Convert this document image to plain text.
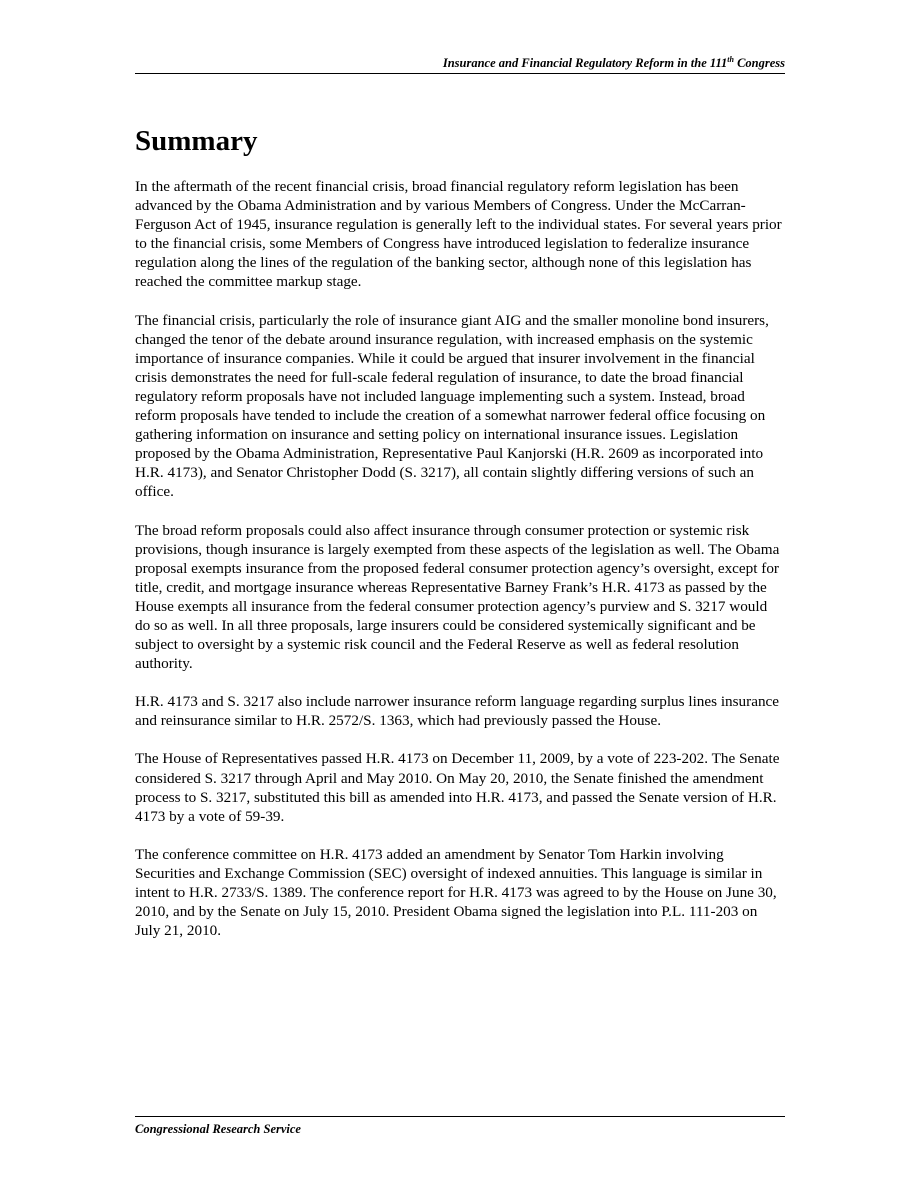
Insurance and Financial Regulatory Reform in the 111th Congress
Summary

In the aftermath of the recent financial crisis, broad financial regulatory reform legislation has been advanced by the Obama Administration and by various Members of Congress. Under the McCarran-Ferguson Act of 1945, insurance regulation is generally left to the individual states. For several years prior to the financial crisis, some Members of Congress have introduced legislation to federalize insurance regulation along the lines of the regulation of the banking sector, although none of this legislation has reached the committee markup stage.

The financial crisis, particularly the role of insurance giant AIG and the smaller monoline bond insurers, changed the tenor of the debate around insurance regulation, with increased emphasis on the systemic importance of insurance companies. While it could be argued that insurer involvement in the financial crisis demonstrates the need for full-scale federal regulation of insurance, to date the broad financial regulatory reform proposals have not included language implementing such a system. Instead, broad reform proposals have tended to include the creation of a somewhat narrower federal office focusing on gathering information on insurance and setting policy on international insurance issues. Legislation proposed by the Obama Administration, Representative Paul Kanjorski (H.R. 2609 as incorporated into H.R. 4173), and Senator Christopher Dodd (S. 3217), all contain slightly differing versions of such an office.

The broad reform proposals could also affect insurance through consumer protection or systemic risk provisions, though insurance is largely exempted from these aspects of the legislation as well. The Obama proposal exempts insurance from the proposed federal consumer protection agency’s oversight, except for title, credit, and mortgage insurance whereas Representative Barney Frank’s H.R. 4173 as passed by the House exempts all insurance from the federal consumer protection agency’s purview and S. 3217 would do so as well. In all three proposals, large insurers could be considered systemically significant and be subject to oversight by a systemic risk council and the Federal Reserve as well as federal resolution authority.

H.R. 4173 and S. 3217 also include narrower insurance reform language regarding surplus lines insurance and reinsurance similar to H.R. 2572/S. 1363, which had previously passed the House.

The House of Representatives passed H.R. 4173 on December 11, 2009, by a vote of 223-202. The Senate considered S. 3217 through April and May 2010. On May 20, 2010, the Senate finished the amendment process to S. 3217, substituted this bill as amended into H.R. 4173, and passed the Senate version of H.R. 4173 by a vote of 59-39.

The conference committee on H.R. 4173 added an amendment by Senator Tom Harkin involving Securities and Exchange Commission (SEC) oversight of indexed annuities. This language is similar in intent to H.R. 2733/S. 1389. The conference report for H.R. 4173 was agreed to by the House on June 30, 2010, and by the Senate on July 15, 2010. President Obama signed the legislation into P.L. 111-203 on July 21, 2010.

Congressional Research Service
